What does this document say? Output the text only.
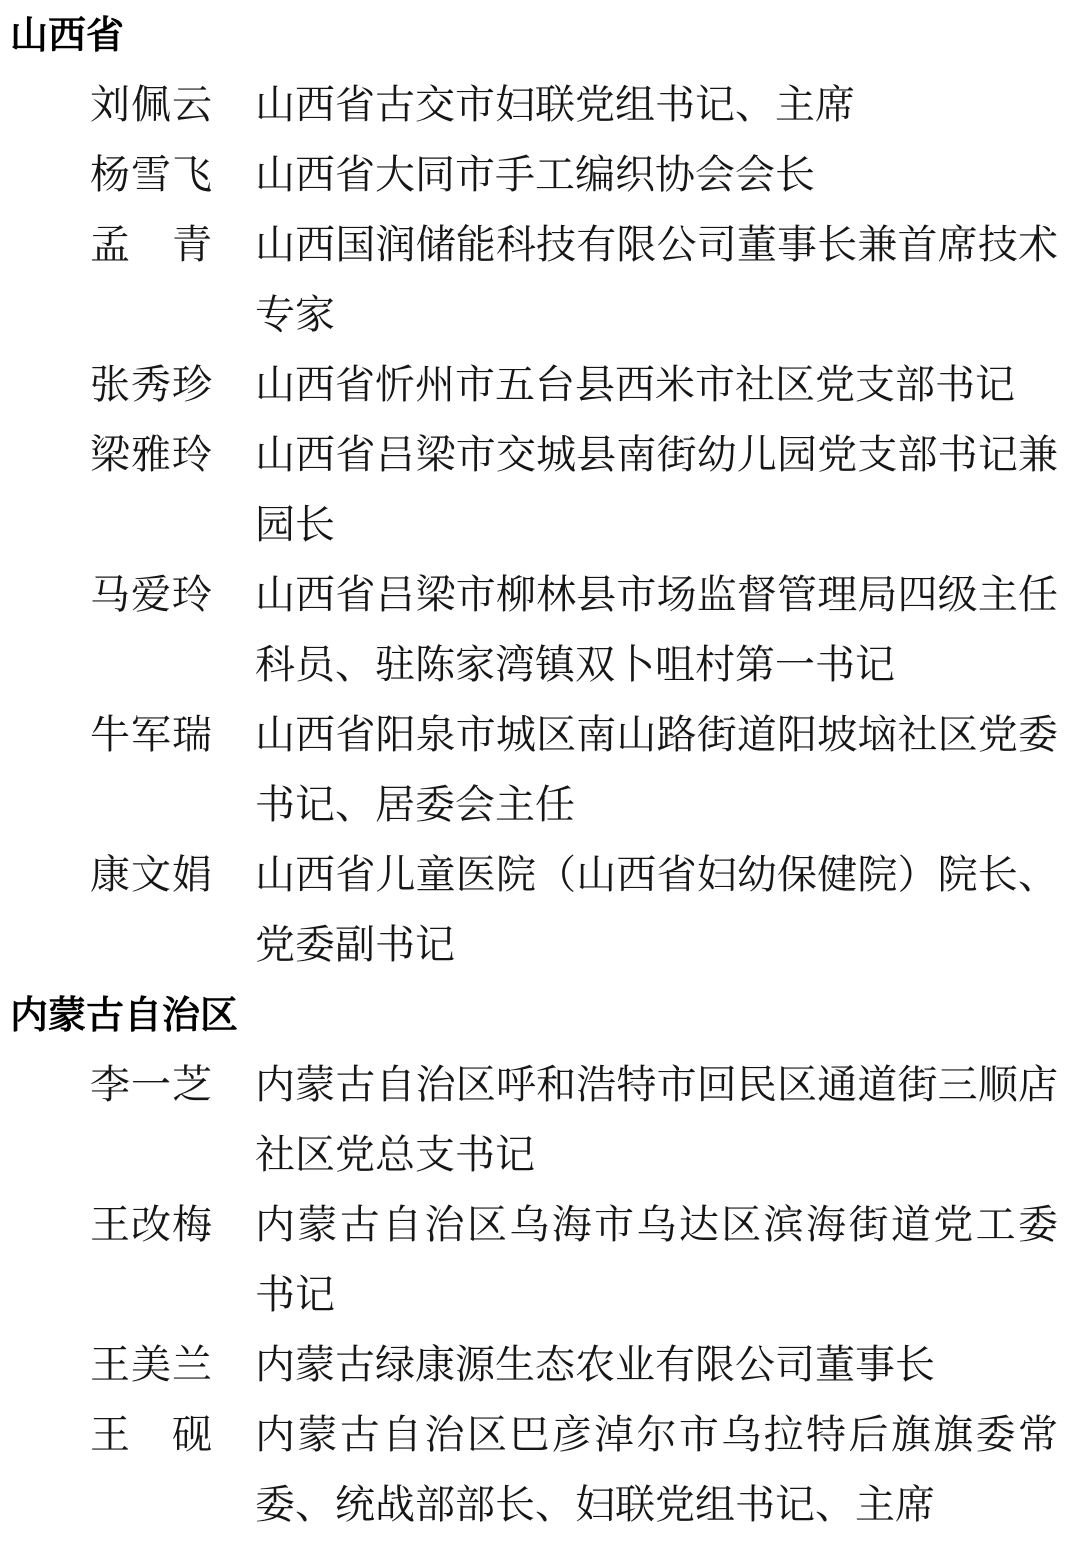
山西省
刘佩云 山西省古交市妇联党组书记、主席
杨雪飞 山西省大同市手工编织协会会长
孟青 山西国润储能科技有限公司董事长兼首席技术
专家
张秀珍 山西省忻州市五台县西米市社区党支部书记
梁雅玲 山西省吕梁市交城县南街幼儿园党支部书记兼
园长
马爱玲 山西省吕梁市柳林县市场监督管理局四级主任
科员、驻陈家湾镇双卜咀村第一书记
牛军瑞 山西省阳泉市城区南山路街道阳坡垴社区党委
书记、居委会主任
康文娟 山西省儿童医院（山西省妇幼保健院）院长、
党委副书记
内蒙古自治区
李一芝 内蒙古自治区呼和浩特市回民区通道街三顺店
社区党总支书记
王改梅 内蒙古自治区乌海市乌达区滨海街道党工委
书记
王美兰 内蒙古绿康源生态农业有限公司董事长
王砚 内蒙古自治区巴彦淖尔市乌拉特后旗旗委常
委、统战部部长、妇联党组书记、主席
